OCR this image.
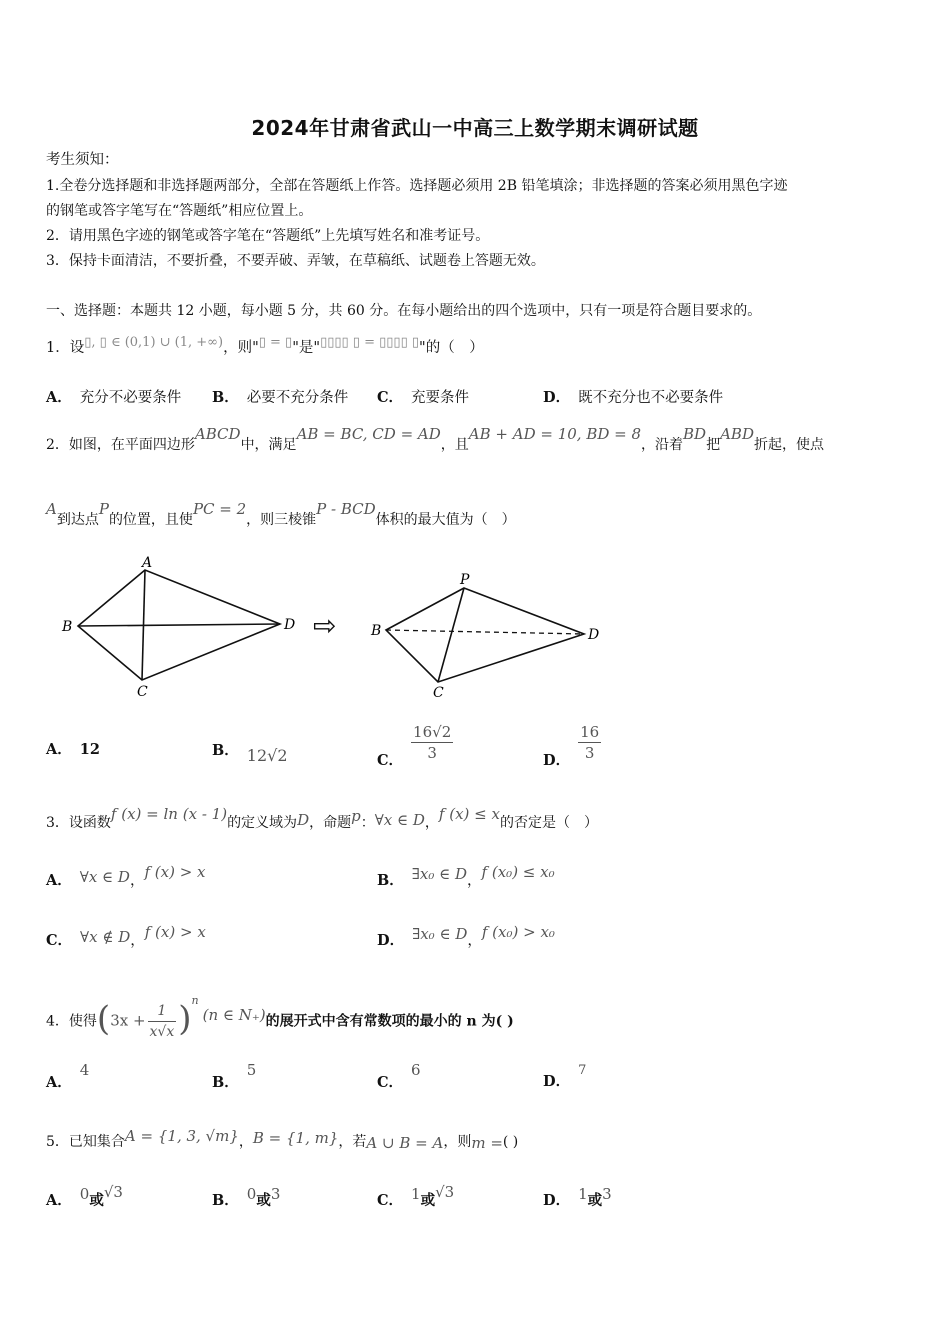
2024年甘肃省武山一中高三上数学期末调研试题
考生须知：
1.全卷分选择题和非选择题两部分，全部在答题纸上作答。选择题必须用 2B 铅笔填涂；非选择题的答案必须用黑色字迹
的钢笔或答字笔写在“答题纸”相应位置上。
2．请用黑色字迹的钢笔或答字笔在“答题纸”上先填写姓名和准考证号。
3．保持卡面清洁，不要折叠，不要弄破、弄皱，在草稿纸、试题卷上答题无效。
一、选择题：本题共 12 小题，每小题 5 分，共 60 分。在每小题给出的四个选项中，只有一项是符合题目要求的。
1．设▯, ▯ ∈ (0,1) ∪ (1, +∞)，则"▯ = ▯"是"▯▯▯▯ ▯ = ▯▯▯▯ ▯"的（　）
A． 充分不必要条件 B． 必要不充分条件 C． 充要条件	D． 既不充分也不必要条件
2．如图，在平面四边形ABCD中，满足AB = BC, CD = AD，且AB + AD = 10, BD = 8，沿着BD把ABD折起，使点
A到达点P的位置，且使PC = 2，则三棱锥P - BCD体积的最大值为（　）
A
B
C
D ⇨
P
B
C
D
A． 12	B． 12√2	C． $\frac{16√2}{3}$	D． $\frac{16}{3}$
3．设函数f (x) = ln (x - 1)的定义域为D，命题p：∀x ∈ D，f (x) ≤ x的否定是（　）
A． ∀x ∈ D，f (x) > x	B． ∃x₀ ∈ D，f (x₀) ≤ x₀
C． ∀x ∉ D，f (x) > x	D． ∃x₀ ∈ D，f (x₀) > x₀
4．使得$(3x + \frac{1}{x√x} )^n(n$ ∈ N₊)的展开式中含有常数项的最小的 n 为( )
A．4
B．5
C．6
D．7
5．已知集合A = {1, 3, √m}，B = {1, m}，若A ∪ B = A，则m =( )
A． 0或√3	B． 0或3	C． 1或√3	D． 1或3
